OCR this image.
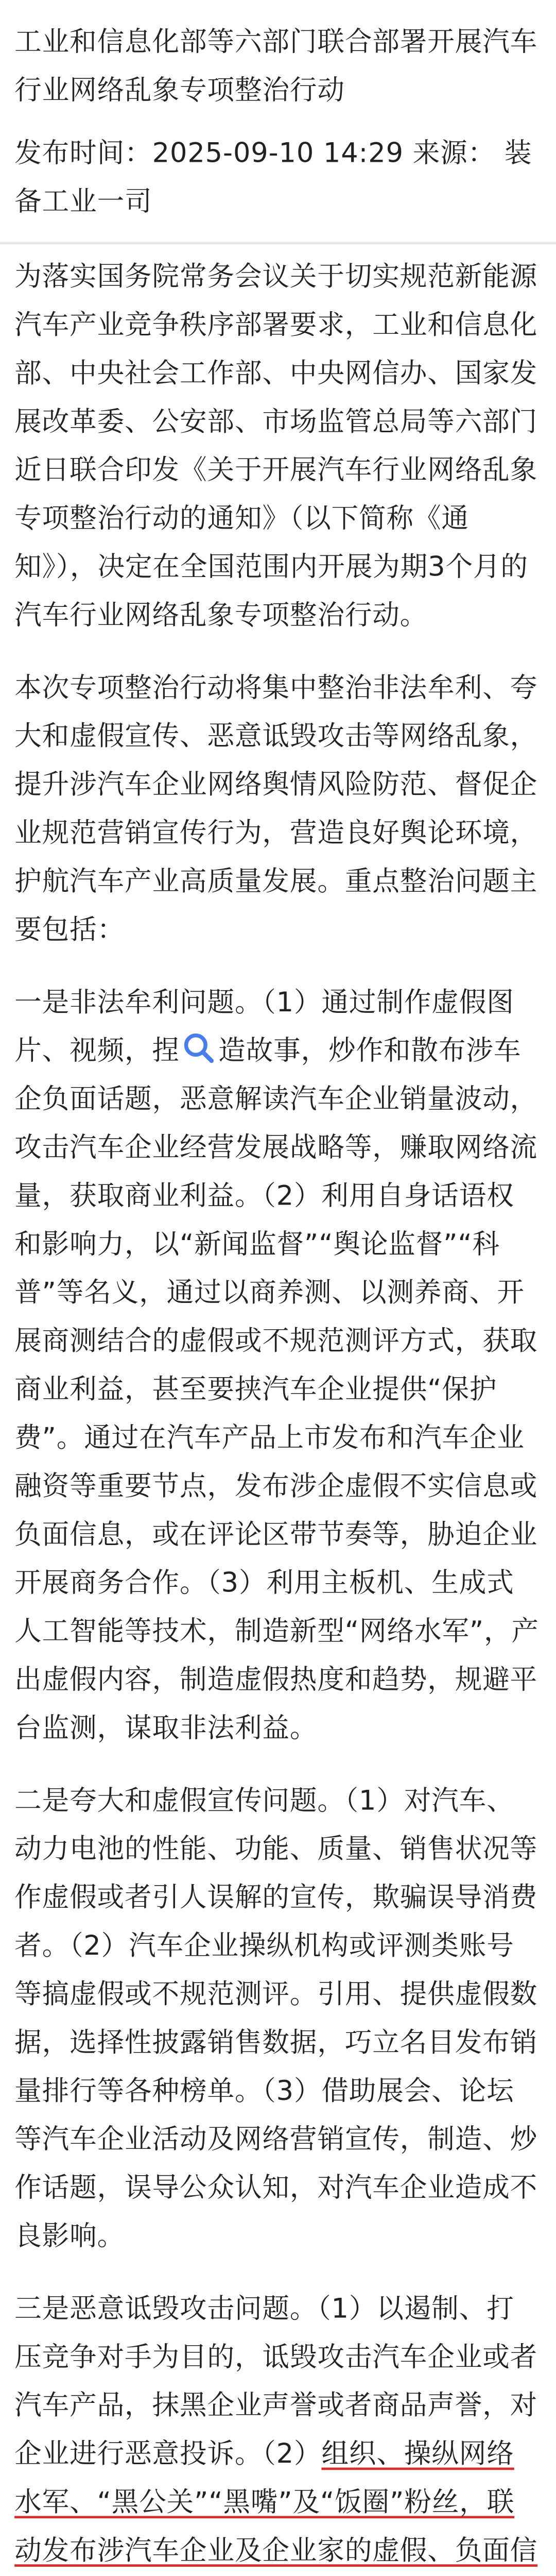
工业和信息化部等六部门联合部署开展汽车行业网络乱象专项整治行动
发布时间：2025-09-10 14:29 来源： 装备工业一司

为落实国务院常务会议关于切实规范新能源汽车产业竞争秩序部署要求，工业和信息化部、中央社会工作部、中央网信办、国家发展改革委、公安部、市场监管总局等六部门近日联合印发《关于开展汽车行业网络乱象专项整治行动的通知》（以下简称《通知》），决定在全国范围内开展为期3个月的汽车行业网络乱象专项整治行动。

本次专项整治行动将集中整治非法牟利、夸大和虚假宣传、恶意诋毁攻击等网络乱象，提升涉汽车企业网络舆情风险防范、督促企业规范营销宣传行为，营造良好舆论环境，护航汽车产业高质量发展。重点整治问题主要包括：

一是非法牟利问题。（1）通过制作虚假图片、视频，捏	造故事，炒作和散布涉车企负面话题，恶意解读汽车企业销量波动，攻击汽车企业经营发展战略等，赚取网络流量，获取商业利益。（2）利用自身话语权和影响力，以“新闻监督”“舆论监督”“科普”等名义，通过以商养测、以测养商、开展商测结合的虚假或不规范测评方式，获取商业利益，甚至要挟汽车企业提供“保护费”。通过在汽车产品上市发布和汽车企业融资等重要节点，发布涉企虚假不实信息或负面信息，或在评论区带节奏等，胁迫企业开展商务合作。（3）利用主板机、生成式人工智能等技术，制造新型“网络水军”，产出虚假内容，制造虚假热度和趋势，规避平台监测，谋取非法利益。

二是夸大和虚假宣传问题。（1）对汽车、动力电池的性能、功能、质量、销售状况等作虚假或者引人误解的宣传，欺骗误导消费者。（2）汽车企业操纵机构或评测类账号等搞虚假或不规范测评。引用、提供虚假数据，选择性披露销售数据，巧立名目发布销量排行等各种榜单。（3）借助展会、论坛等汽车企业活动及网络营销宣传，制造、炒作话题，误导公众认知，对汽车企业造成不良影响。

三是恶意诋毁攻击问题。（1）以遏制、打压竞争对手为目的，诋毁攻击汽车企业或者汽车产品，抹黑企业声誉或者商品声誉，对企业进行恶意投诉。（2）组织、操纵网络水军、“黑公关”“黑嘴”及“饭圈”粉丝，联动发布涉汽车企业及企业家的虚假、负面信
